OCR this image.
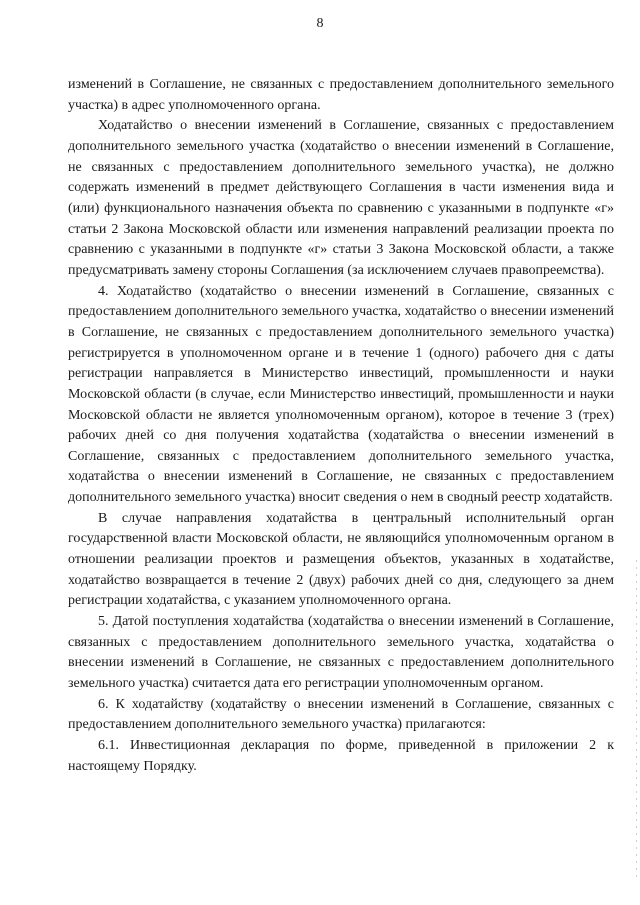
8

изменений в Соглашение, не связанных с предоставлением дополнительного земельного участка) в адрес уполномоченного органа.

Ходатайство о внесении изменений в Соглашение, связанных с предоставлением дополнительного земельного участка (ходатайство о внесении изменений в Соглашение, не связанных с предоставлением дополнительного земельного участка), не должно содержать изменений в предмет действующего Соглашения в части изменения вида и (или) функционального назначения объекта по сравнению с указанными в подпункте «г» статьи 2 Закона Московской области или изменения направлений реализации проекта по сравнению с указанными в подпункте «г» статьи 3 Закона Московской области, а также предусматривать замену стороны Соглашения (за исключением случаев правопреемства).

4. Ходатайство (ходатайство о внесении изменений в Соглашение, связанных с предоставлением дополнительного земельного участка, ходатайство о внесении изменений в Соглашение, не связанных с предоставлением дополнительного земельного участка) регистрируется в уполномоченном органе и в течение 1 (одного) рабочего дня с даты регистрации направляется в Министерство инвестиций, промышленности и науки Московской области (в случае, если Министерство инвестиций, промышленности и науки Московской области не является уполномоченным органом), которое в течение 3 (трех) рабочих дней со дня получения ходатайства (ходатайства о внесении изменений в Соглашение, связанных с предоставлением дополнительного земельного участка, ходатайства о внесении изменений в Соглашение, не связанных с предоставлением дополнительного земельного участка) вносит сведения о нем в сводный реестр ходатайств.

В случае направления ходатайства в центральный исполнительный орган государственной власти Московской области, не являющийся уполномоченным органом в отношении реализации проектов и размещения объектов, указанных в ходатайстве, ходатайство возвращается в течение 2 (двух) рабочих дней со дня, следующего за днем регистрации ходатайства, с указанием уполномоченного органа.

5. Датой поступления ходатайства (ходатайства о внесении изменений в Соглашение, связанных с предоставлением дополнительного земельного участка, ходатайства о внесении изменений в Соглашение, не связанных с предоставлением дополнительного земельного участка) считается дата его регистрации уполномоченным органом.

6. К ходатайству (ходатайству о внесении изменений в Соглашение, связанных с предоставлением дополнительного земельного участка) прилагаются:

6.1. Инвестиционная декларация по форме, приведенной в приложении 2 к настоящему Порядку.
